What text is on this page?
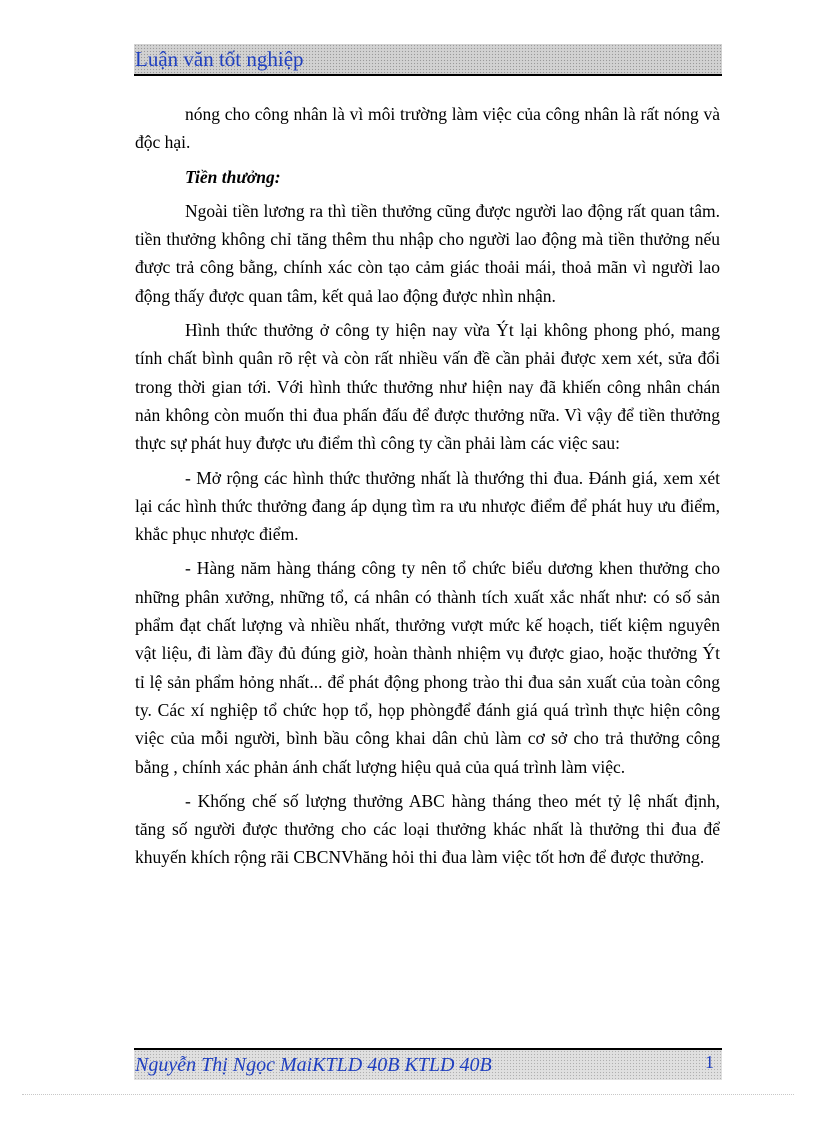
Luận văn tốt nghiệp

nóng cho công nhân là vì môi trường làm việc của công nhân là rất nóng và độc hại.

Tiền thưởng:

Ngoài tiền lương ra thì tiền thưởng cũng được người lao động rất quan tâm. tiền thưởng không chỉ tăng thêm thu nhập cho người lao động mà tiền thưởng nếu được trả công bằng, chính xác còn tạo cảm giác thoải mái, thoả mãn vì người lao động thấy được quan tâm, kết quả lao động được nhìn nhận.

Hình thức thưởng ở công ty hiện nay vừa Ýt lại không phong phó, mang tính chất bình quân rõ rệt và còn rất nhiều vấn đề cần phải được xem xét, sửa đổi trong thời gian tới. Với hình thức thưởng như hiện nay đã khiến công nhân chán nản không còn muốn thi đua phấn đấu để được thưởng nữa. Vì vậy để tiền thưởng thực sự phát huy được ưu điểm thì công ty cần phải làm các việc sau:

- Mở rộng các hình thức thưởng nhất là thướng thi đua. Đánh giá, xem xét lại các hình thức thưởng đang áp dụng tìm ra ưu nhược điểm để phát huy ưu điểm, khắc phục nhược điểm.

- Hàng năm hàng tháng công ty nên tổ chức biểu dương khen thưởng cho những phân xưởng, những tổ, cá nhân có thành tích xuất xắc nhất như: có số sản phẩm đạt chất lượng và nhiều nhất, thưởng vượt mức kế hoạch, tiết kiệm nguyên vật liệu, đi làm đầy đủ đúng giờ, hoàn thành nhiệm vụ được giao, hoặc thưởng Ýt tỉ lệ sản phẩm hỏng nhất... để phát động phong trào thi đua sản xuất của toàn công ty. Các xí nghiệp tổ chức họp tổ, họp phòngđể đánh giá quá trình thực hiện công việc của mỗi người, bình bầu công khai dân chủ làm cơ sở cho trả thưởng công bằng , chính xác phản ánh chất lượng hiệu quả của quá trình làm việc.

- Khống chế số lượng thưởng ABC hàng tháng theo mét tỷ lệ nhất định, tăng số người được thưởng cho các loại thưởng khác nhất là thưởng thi đua để khuyến khích rộng rãi CBCNVhăng hỏi thi đua làm việc tốt hơn để được thưởng.

Nguyễn Thị Ngọc MaiKTLD 40B KTLD 40B	1
